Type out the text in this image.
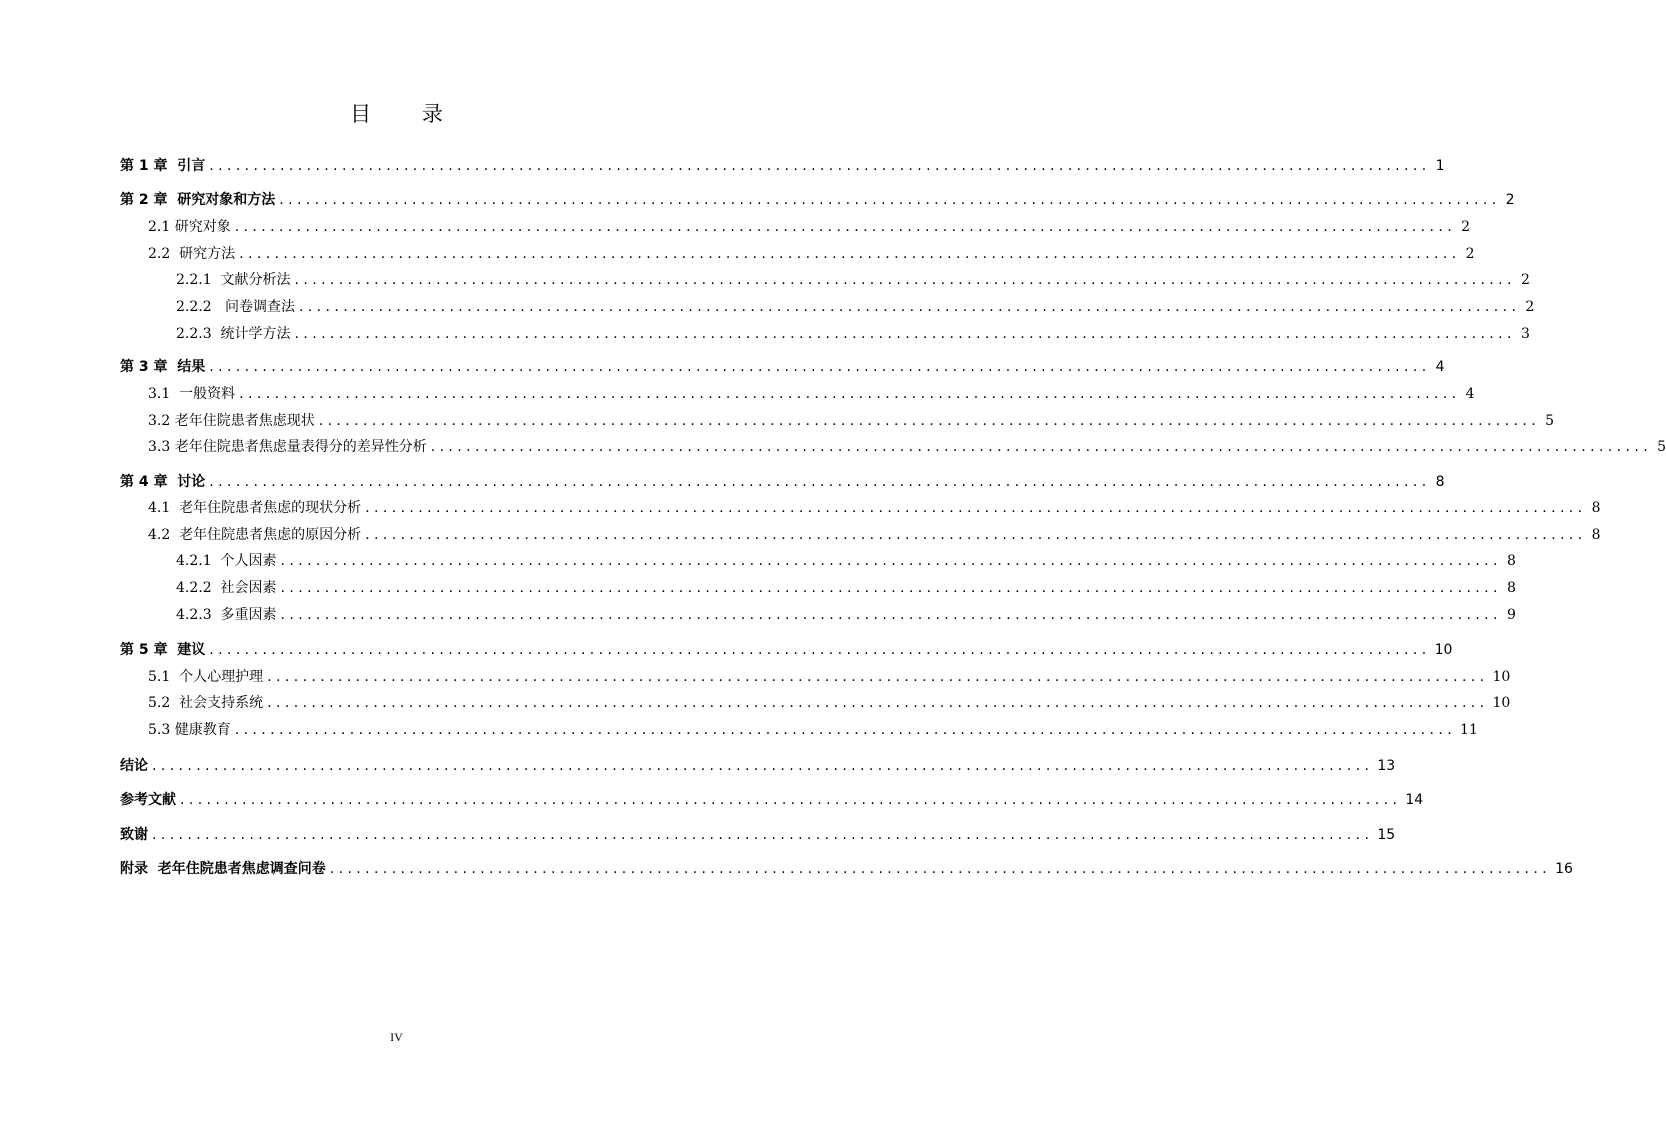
目 录
第 1 章  引言 .......................................................................................................................................... 1
第 2 章  研究对象和方法 .......................................................................................................................................... 2
2.1 研究对象 .......................................................................................................................................... 2
2.2  研究方法 .......................................................................................................................................... 2
2.2.1  文献分析法 .......................................................................................................................................... 2
2.2.2   问卷调查法 .......................................................................................................................................... 2
2.2.3  统计学方法 .......................................................................................................................................... 3
第 3 章  结果 .......................................................................................................................................... 4
3.1  一般资料 .......................................................................................................................................... 4
3.2 老年住院患者焦虑现状 .......................................................................................................................................... 5
3.3 老年住院患者焦虑量表得分的差异性分析 .......................................................................................................................................... 5
第 4 章  讨论 .......................................................................................................................................... 8
4.1  老年住院患者焦虑的现状分析 .......................................................................................................................................... 8
4.2  老年住院患者焦虑的原因分析 .......................................................................................................................................... 8
4.2.1  个人因素 .......................................................................................................................................... 8
4.2.2  社会因素 .......................................................................................................................................... 8
4.2.3  多重因素 .......................................................................................................................................... 9
第 5 章  建议 .......................................................................................................................................... 10
5.1  个人心理护理 .......................................................................................................................................... 10
5.2  社会支持系统 .......................................................................................................................................... 10
5.3 健康教育 .......................................................................................................................................... 11
结论 .......................................................................................................................................... 13
参考文献 .......................................................................................................................................... 14
致谢 .......................................................................................................................................... 15
附录  老年住院患者焦虑调查问卷 .......................................................................................................................................... 16
IV
